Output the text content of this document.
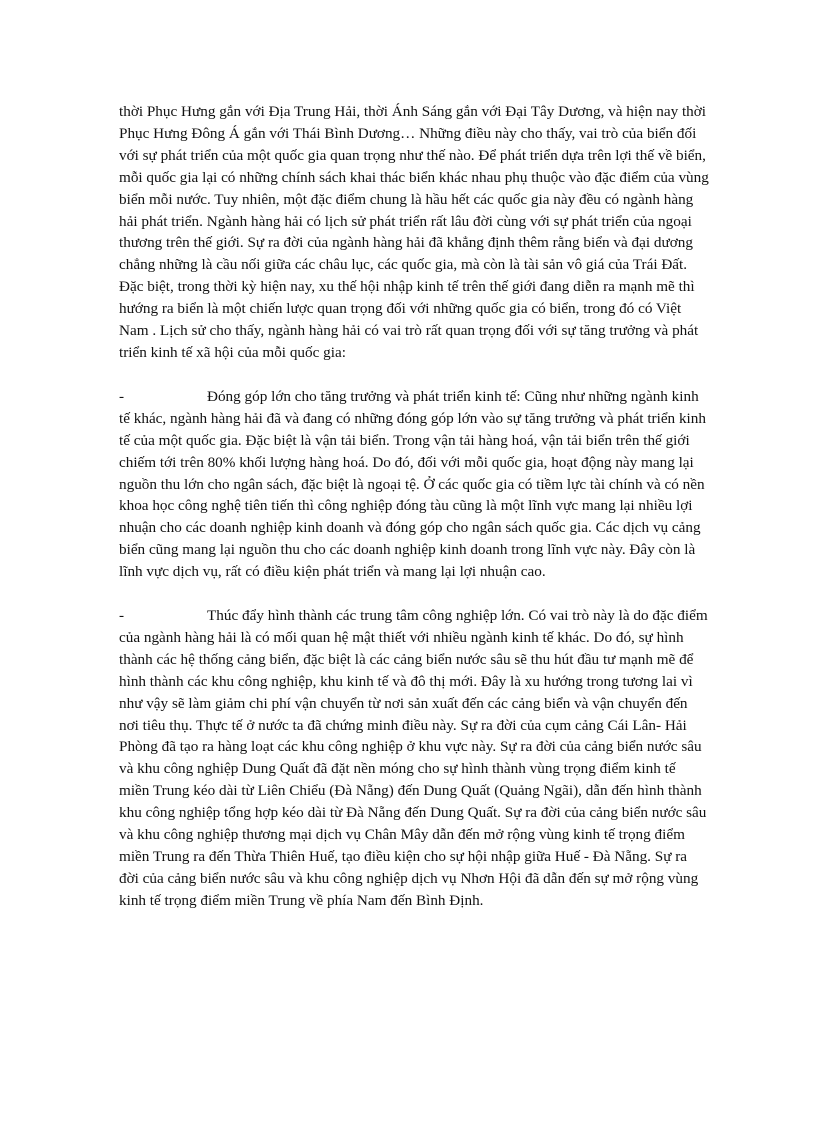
thời Phục Hưng gắn với Địa Trung Hải, thời Ánh Sáng gắn với Đại Tây Dương, và hiện nay thời Phục Hưng Đông Á gắn với Thái Bình Dương… Những điều này cho thấy, vai trò của biển đối với sự phát triển của một quốc gia quan trọng như thế nào. Để phát triển dựa trên lợi thế về biển, mỗi quốc gia lại có những chính sách khai thác biển khác nhau phụ thuộc vào đặc điểm của vùng biển mỗi nước. Tuy nhiên, một đặc điểm chung là hầu hết các quốc gia này đều có ngành hàng hải phát triển. Ngành hàng hải có lịch sử phát triển rất lâu đời cùng với sự phát triển của ngoại thương trên thế giới. Sự ra đời của ngành hàng hải đã khẳng định thêm rằng biển và đại dương chẳng những là cầu nối giữa các châu lục, các quốc gia, mà còn là tài sản vô giá của Trái Đất. Đặc biệt, trong thời kỳ hiện nay, xu thế hội nhập kinh tế trên thế giới đang diễn ra mạnh mẽ thì hướng ra biển là một chiến lược quan trọng đối với những quốc gia có biển, trong đó có Việt Nam . Lịch sử cho thấy, ngành hàng hải có vai trò rất quan trọng đối với sự tăng trưởng và phát triển kinh tế xã hội của mỗi quốc gia:

-	Đóng góp lớn cho tăng trưởng và phát triển kinh tế: Cũng như những ngành kinh tế khác, ngành hàng hải đã và đang có những đóng góp lớn vào sự tăng trưởng và phát triển kinh tế của một quốc gia. Đặc biệt là vận tải biển. Trong vận tải hàng hoá, vận tải biển trên thế giới chiếm tới trên 80% khối lượng hàng hoá. Do đó, đối với mỗi quốc gia, hoạt động này mang lại nguồn thu lớn cho ngân sách, đặc biệt là ngoại tệ. Ở các quốc gia có tiềm lực tài chính và có nền khoa học công nghệ tiên tiến thì công nghiệp đóng tàu cũng là một lĩnh vực mang lại nhiều lợi nhuận cho các doanh nghiệp kinh doanh và đóng góp cho ngân sách quốc gia. Các dịch vụ cảng biển cũng mang lại nguồn thu cho các doanh nghiệp kinh doanh trong lĩnh vực này. Đây còn là lĩnh vực dịch vụ, rất có điều kiện phát triển và mang lại lợi nhuận cao.

-	Thúc đẩy hình thành các trung tâm công nghiệp lớn. Có vai trò này là do đặc điểm của ngành hàng hải là có mối quan hệ mật thiết với nhiều ngành kinh tế khác. Do đó, sự hình thành các hệ thống cảng biển, đặc biệt là các cảng biển nước sâu sẽ thu hút đầu tư mạnh mẽ để hình thành các khu công nghiệp, khu kinh tế và đô thị mới. Đây là xu hướng trong tương lai vì như vậy sẽ làm giảm chi phí vận chuyển từ nơi sản xuất đến các cảng biển và vận chuyển đến nơi tiêu thụ. Thực tế ở nước ta đã chứng minh điều này. Sự ra đời của cụm cảng Cái Lân- Hải Phòng đã tạo ra hàng loạt các khu công nghiệp ở khu vực này. Sự ra đời của cảng biển nước sâu và khu công nghiệp Dung Quất đã đặt nền móng cho sự hình thành vùng trọng điểm kinh tế miền Trung kéo dài từ Liên Chiểu (Đà Nẵng) đến Dung Quất (Quảng Ngãi), dẫn đến hình thành khu công nghiệp tổng hợp kéo dài từ Đà Nẵng đến Dung Quất. Sự ra đời của cảng biển nước sâu và khu công nghiệp thương mại dịch vụ Chân Mây dẫn đến mở rộng vùng kinh tế trọng điểm miền Trung ra đến Thừa Thiên Huế, tạo điều kiện cho sự hội nhập giữa Huế - Đà Nẵng. Sự ra đời của cảng biển nước sâu và khu công nghiệp dịch vụ Nhơn Hội đã dẫn đến sự mở rộng vùng kinh tế trọng điểm miền Trung về phía Nam đến Bình Định.
